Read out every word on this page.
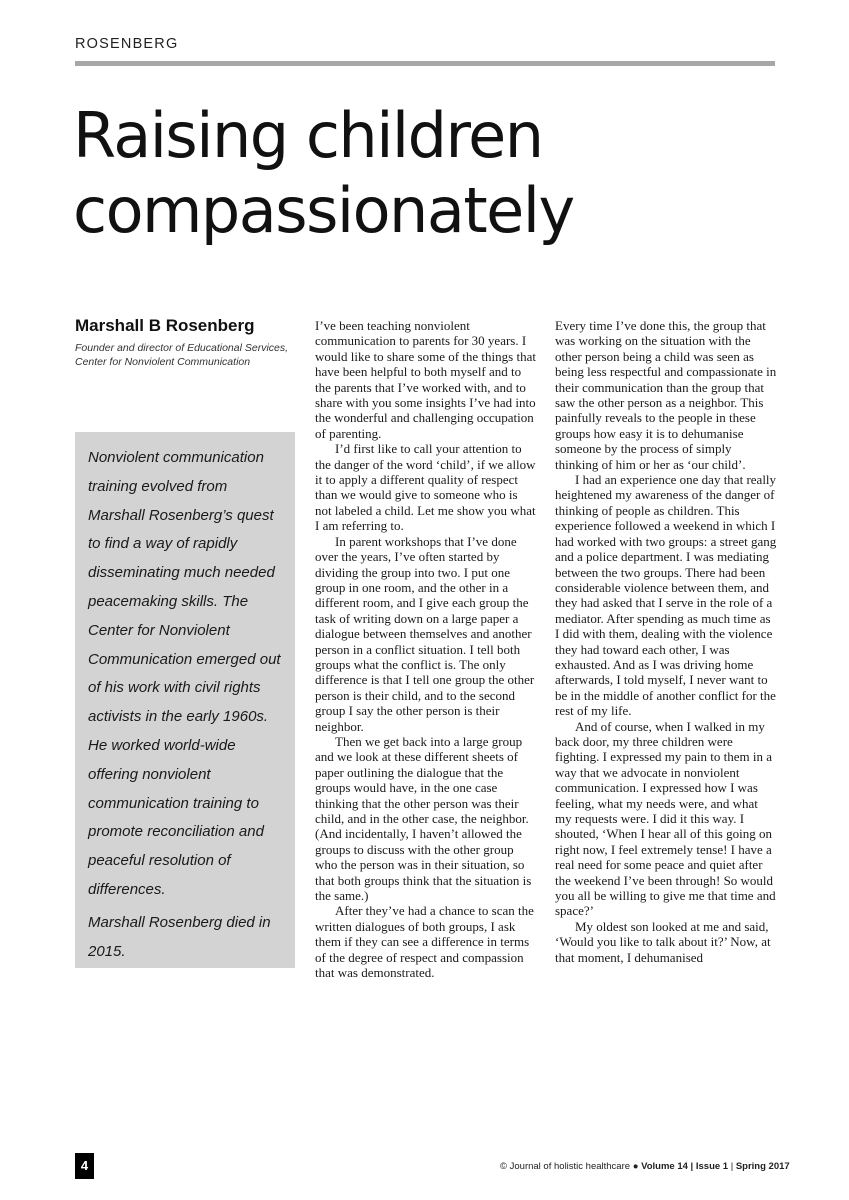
ROSENBERG
Raising children
compassionately
Marshall B Rosenberg
Founder and director of Educational Services,
Center for Nonviolent Communication

Nonviolent communication training evolved from Marshall Rosenberg’s quest to find a way of rapidly disseminating much needed peacemaking skills. The Center for Nonviolent Communication emerged out of his work with civil rights activists in the early 1960s. He worked world-wide offering nonviolent communication training to promote reconciliation and peaceful resolution of differences.

Marshall Rosenberg died in 2015.

I’ve been teaching nonviolent communication to parents for 30 years. I would like to share some of the things that have been helpful to both myself and to the parents that I’ve worked with, and to share with you some insights I’ve had into the wonderful and challenging occupation of parenting.

I’d first like to call your attention to the danger of the word ‘child’, if we allow it to apply a different quality of respect than we would give to someone who is not labeled a child. Let me show you what I am referring to.

In parent workshops that I’ve done over the years, I’ve often started by dividing the group into two. I put one group in one room, and the other in a different room, and I give each group the task of writing down on a large paper a dialogue between themselves and another person in a conflict situation. I tell both groups what the conflict is. The only difference is that I tell one group the other person is their child, and to the second group I say the other person is their neighbor.

Then we get back into a large group and we look at these different sheets of paper outlining the dialogue that the groups would have, in the one case thinking that the other person was their child, and in the other case, the neighbor. (And incidentally, I haven’t allowed the groups to discuss with the other group who the person was in their situation, so that both groups think that the situation is the same.)

After they’ve had a chance to scan the written dialogues of both groups, I ask them if they can see a difference in terms of the degree of respect and compassion that was demonstrated.

Every time I’ve done this, the group that was working on the situation with the other person being a child was seen as being less respectful and compassionate in their communication than the group that saw the other person as a neighbor. This painfully reveals to the people in these groups how easy it is to dehumanise someone by the process of simply thinking of him or her as ‘our child’.

I had an experience one day that really heightened my awareness of the danger of thinking of people as children. This experience followed a weekend in which I had worked with two groups: a street gang and a police department. I was mediating between the two groups. There had been considerable violence between them, and they had asked that I serve in the role of a mediator. After spending as much time as I did with them, dealing with the violence they had toward each other, I was exhausted. And as I was driving home afterwards, I told myself, I never want to be in the middle of another conflict for the rest of my life.

And of course, when I walked in my back door, my three children were fighting. I expressed my pain to them in a way that we advocate in nonviolent communication. I expressed how I was feeling, what my needs were, and what my requests were. I did it this way. I shouted, ‘When I hear all of this going on right now, I feel extremely tense! I have a real need for some peace and quiet after the weekend I’ve been through! So would you all be willing to give me that time and space?’

My oldest son looked at me and said, ‘Would you like to talk about it?’ Now, at that moment, I dehumanised

4	© Journal of holistic healthcare ● Volume 14 | Issue 1 | Spring 2017
